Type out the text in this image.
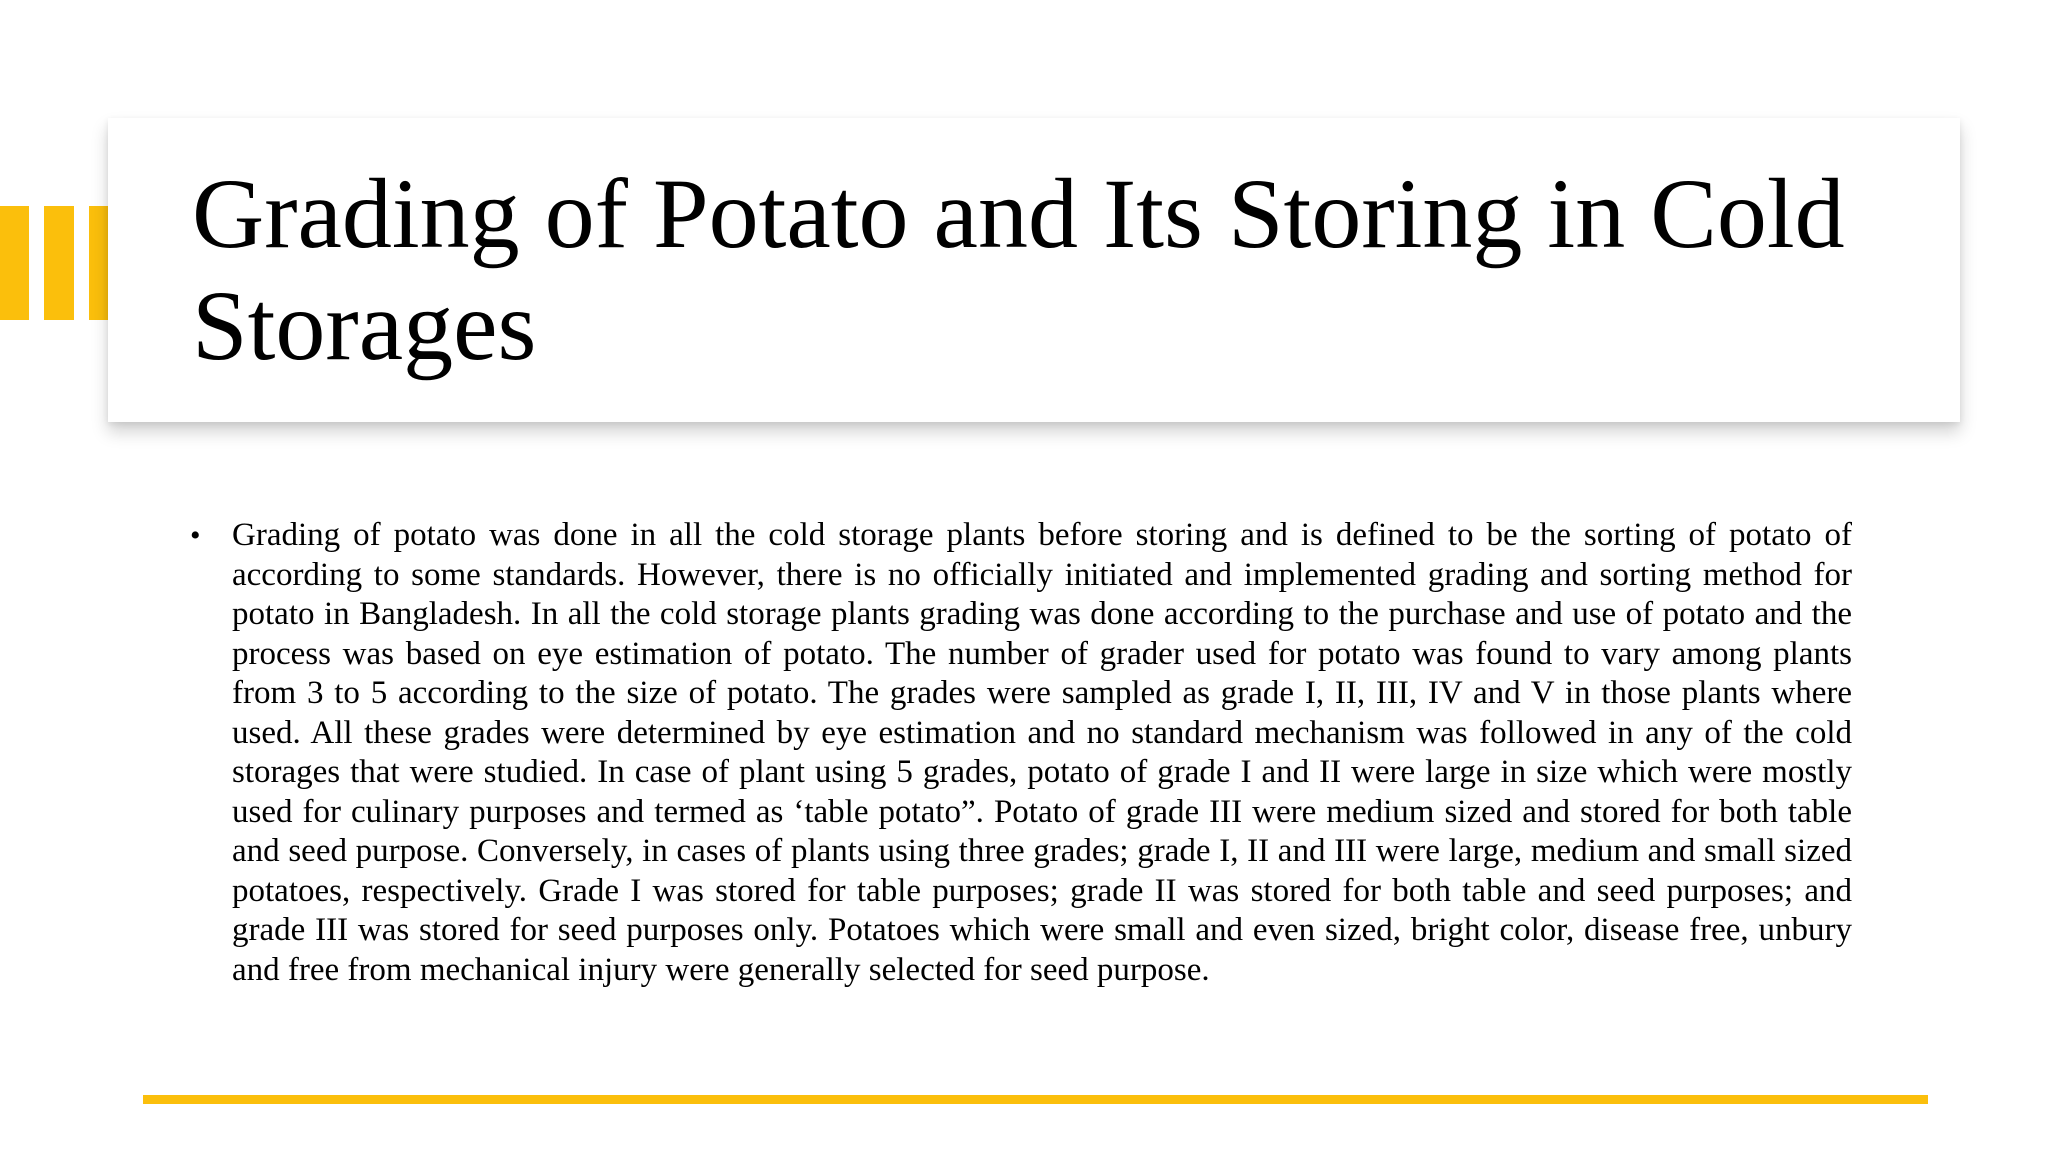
Grading of Potato and Its Storing in Cold Storages
• Grading of potato was done in all the cold storage plants before storing and is defined to be the sorting of potato of according to some standards. However, there is no officially initiated and implemented grading and sorting method for potato in Bangladesh. In all the cold storage plants grading was done according to the purchase and use of potato and the process was based on eye estimation of potato. The number of grader used for potato was found to vary among plants from 3 to 5 according to the size of potato. The grades were sampled as grade I, II, III, IV and V in those plants where used. All these grades were determined by eye estimation and no standard mechanism was followed in any of the cold storages that were studied. In case of plant using 5 grades, potato of grade I and II were large in size which were mostly used for culinary purposes and termed as ‘table potato”. Potato of grade III were medium sized and stored for both table and seed purpose. Conversely, in cases of plants using three grades; grade I, II and III were large, medium and small sized potatoes, respectively. Grade I was stored for table purposes; grade II was stored for both table and seed purposes; and grade III was stored for seed purposes only. Potatoes which were small and even sized, bright color, disease free, unbury and free from mechanical injury were generally selected for seed purpose.
